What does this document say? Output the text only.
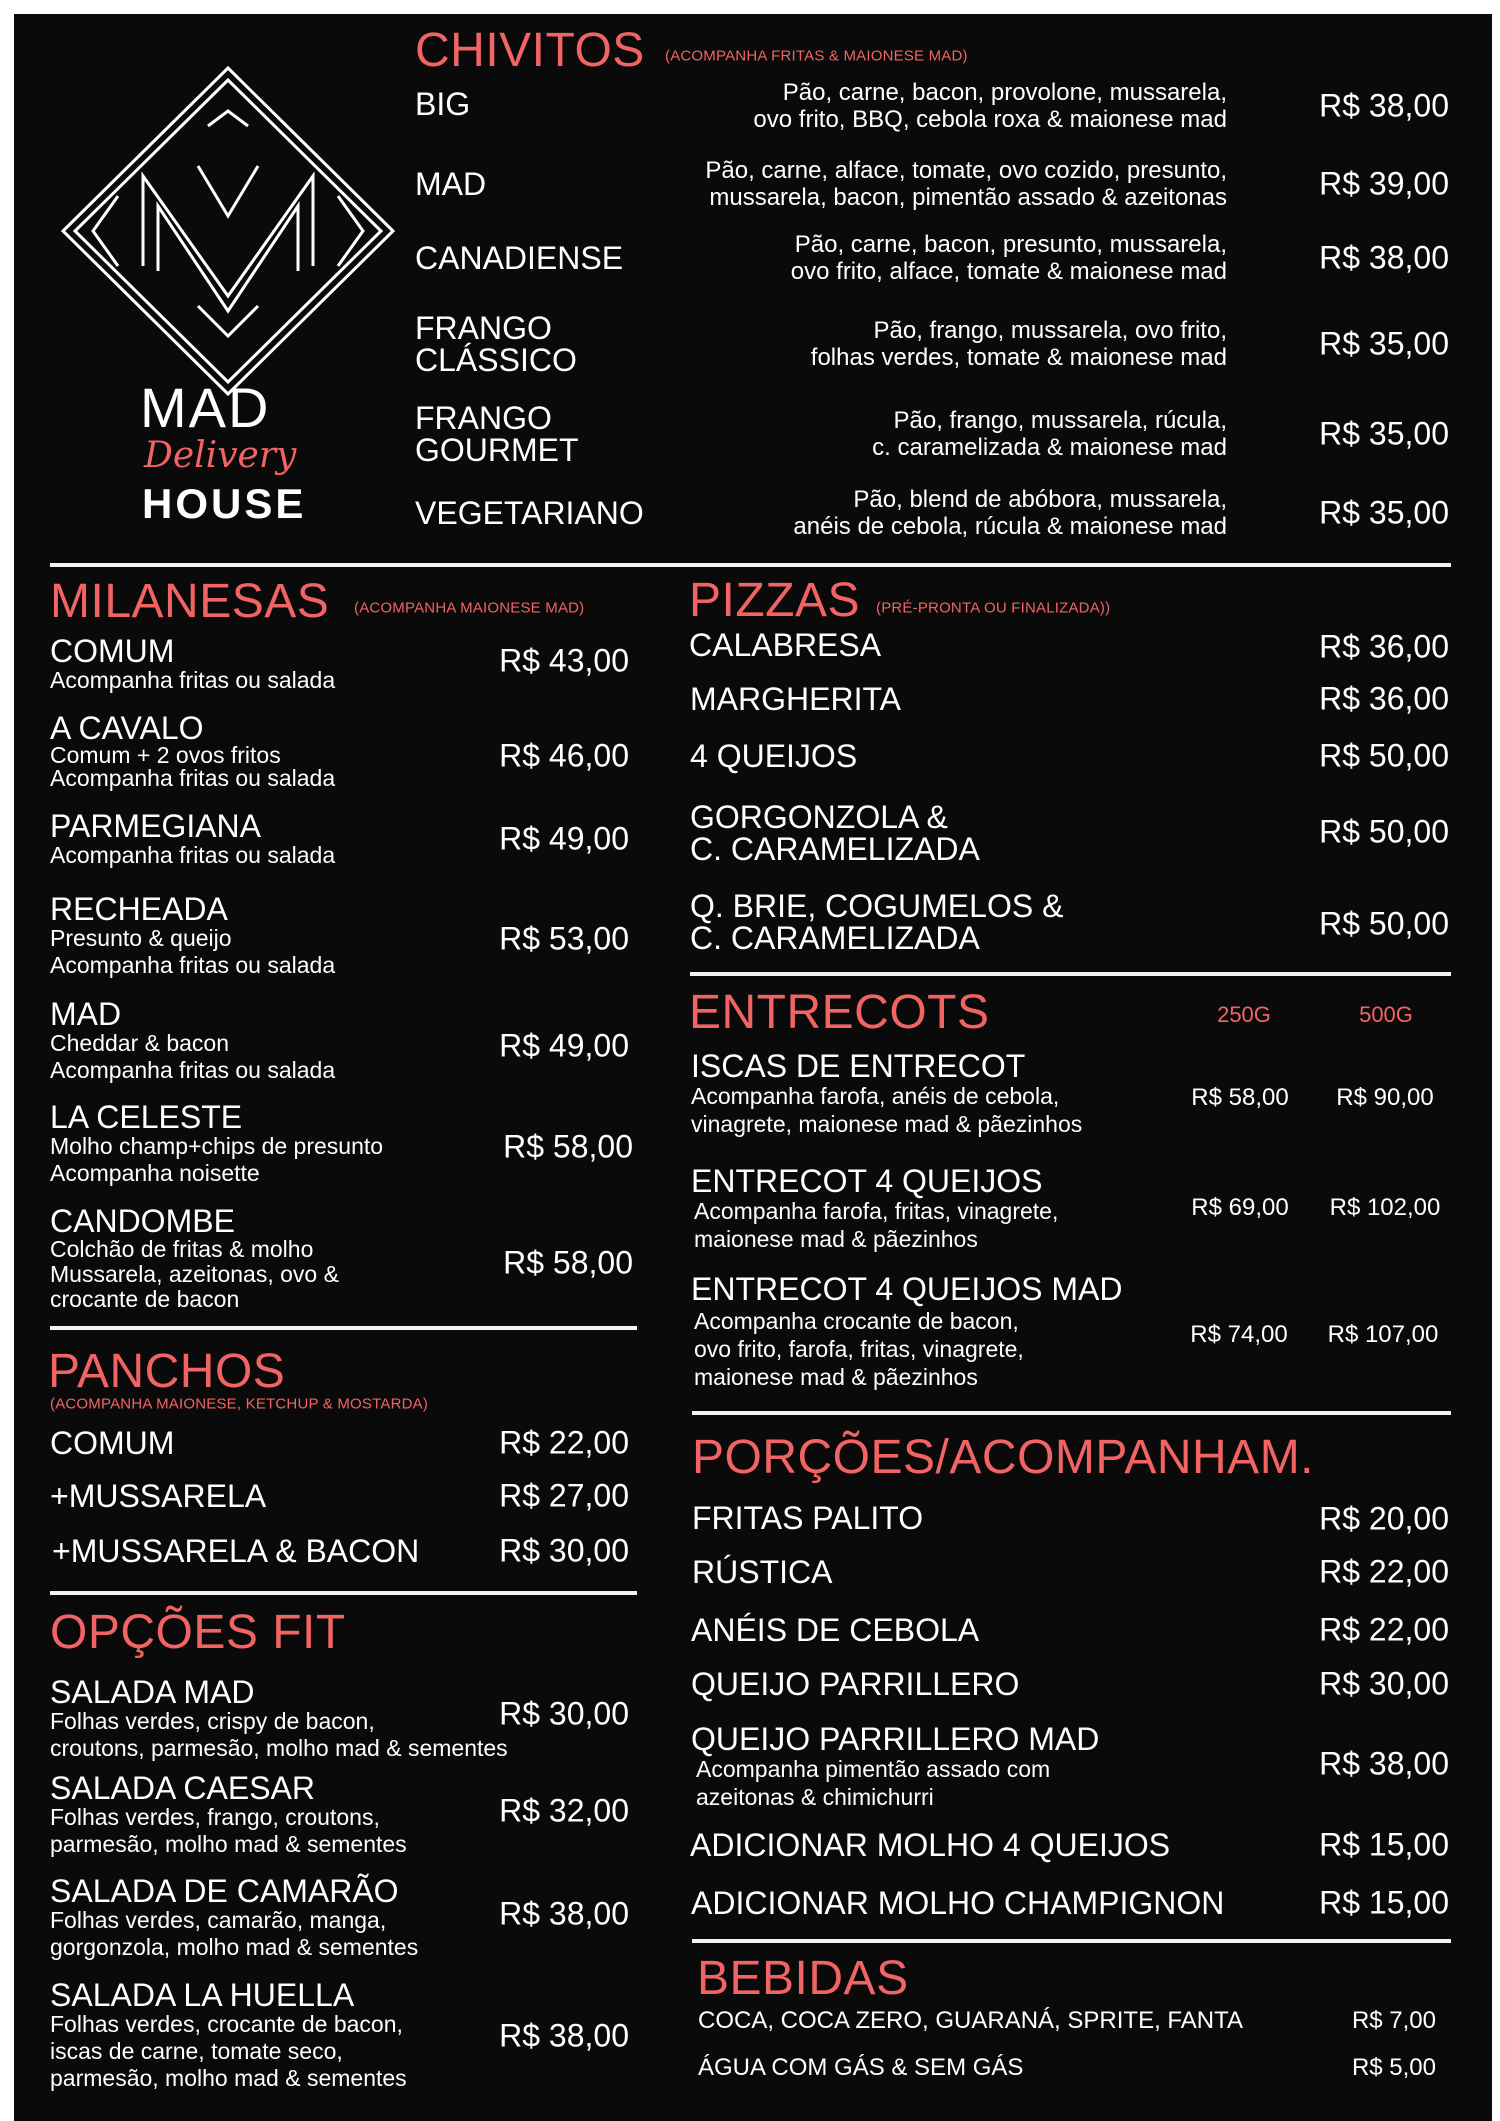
MAD
Delivery
HOUSE
CHIVITOS (ACOMPANHA FRITAS & MAIONESE MAD)
BIG	Pão, carne, bacon, provolone, mussarela,
ovo frito, BBQ, cebola roxa & maionese mad	R$ 38,00
MAD	Pão, carne, alface, tomate, ovo cozido, presunto,
mussarela, bacon, pimentão assado & azeitonas	R$ 39,00
CANADIENSE	Pão, carne, bacon, presunto, mussarela,
ovo frito, alface, tomate & maionese mad	R$ 38,00
FRANGO
CLÁSSICO
Pão, frango, mussarela, ovo frito,
folhas verdes, tomate & maionese mad	R$ 35,00
FRANGO
GOURMET
Pão, frango, mussarela, rúcula,
c. caramelizada & maionese mad	R$ 35,00
VEGETARIANO	Pão, blend de abóbora, mussarela,
anéis de cebola, rúcula & maionese mad	R$ 35,00
MILANESAS (ACOMPANHA MAIONESE MAD)
COMUM
Acompanha fritas ou salada
R$ 43,00
A CAVALO
Comum + 2 ovos fritos
Acompanha fritas ou salada
R$ 46,00
PARMEGIANA
Acompanha fritas ou salada	R$ 49,00
RECHEADA
Presunto & queijo
Acompanha fritas ou salada
R$ 53,00
MAD
Cheddar & bacon
Acompanha fritas ou salada
R$ 49,00
LA CELESTE
Molho champ+chips de presunto
Acompanha noisette
R$ 58,00
CANDOMBE
Colchão de fritas & molho
Mussarela, azeitonas, ovo &
crocante de bacon
R$ 58,00
PANCHOS
(ACOMPANHA MAIONESE, KETCHUP & MOSTARDA)
COMUM	R$ 22,00
+MUSSARELA	R$ 27,00
+MUSSARELA & BACON R$ 30,00
OPÇÕES FIT
SALADA MAD
Folhas verdes, crispy de bacon,
croutons, parmesão, molho mad & sementes
R$ 30,00
SALADA CAESAR
Folhas verdes, frango, croutons,
parmesão, molho mad & sementes
R$ 32,00
SALADA DE CAMARÃO
Folhas verdes, camarão, manga,
gorgonzola, molho mad & sementes
R$ 38,00
SALADA LA HUELLA
Folhas verdes, crocante de bacon,
iscas de carne, tomate seco,
parmesão, molho mad & sementes
R$ 38,00
PIZZAS (PRÉ-PRONTA OU FINALIZADA))
CALABRESA	R$ 36,00
MARGHERITA	R$ 36,00
4 QUEIJOS	R$ 50,00
GORGONZOLA &
C. CARAMELIZADA	R$ 50,00
Q. BRIE, COGUMELOS &
C. CARAMELIZADA	R$ 50,00
ENTRECOTS	250G	500G
ISCAS DE ENTRECOT
Acompanha farofa, anéis de cebola,
vinagrete, maionese mad & pãezinhos
R$ 58,00	R$ 90,00
ENTRECOT 4 QUEIJOS
Acompanha farofa, fritas, vinagrete,
maionese mad & pãezinhos
R$ 69,00	R$ 102,00
ENTRECOT 4 QUEIJOS MAD
Acompanha crocante de bacon,
ovo frito, farofa, fritas, vinagrete,
maionese mad & pãezinhos
R$ 74,00	R$ 107,00
PORÇÕES/ACOMPANHAM.
FRITAS PALITO	R$ 20,00
RÚSTICA	R$ 22,00
ANÉIS DE CEBOLA	R$ 22,00
QUEIJO PARRILLERO	R$ 30,00
QUEIJO PARRILLERO MAD
Acompanha pimentão assado com
azeitonas & chimichurri
R$ 38,00
ADICIONAR MOLHO 4 QUEIJOS	R$ 15,00
ADICIONAR MOLHO CHAMPIGNON	R$ 15,00
BEBIDAS
COCA, COCA ZERO, GUARANÁ, SPRITE, FANTA	R$ 7,00
ÁGUA COM GÁS & SEM GÁS	R$ 5,00
